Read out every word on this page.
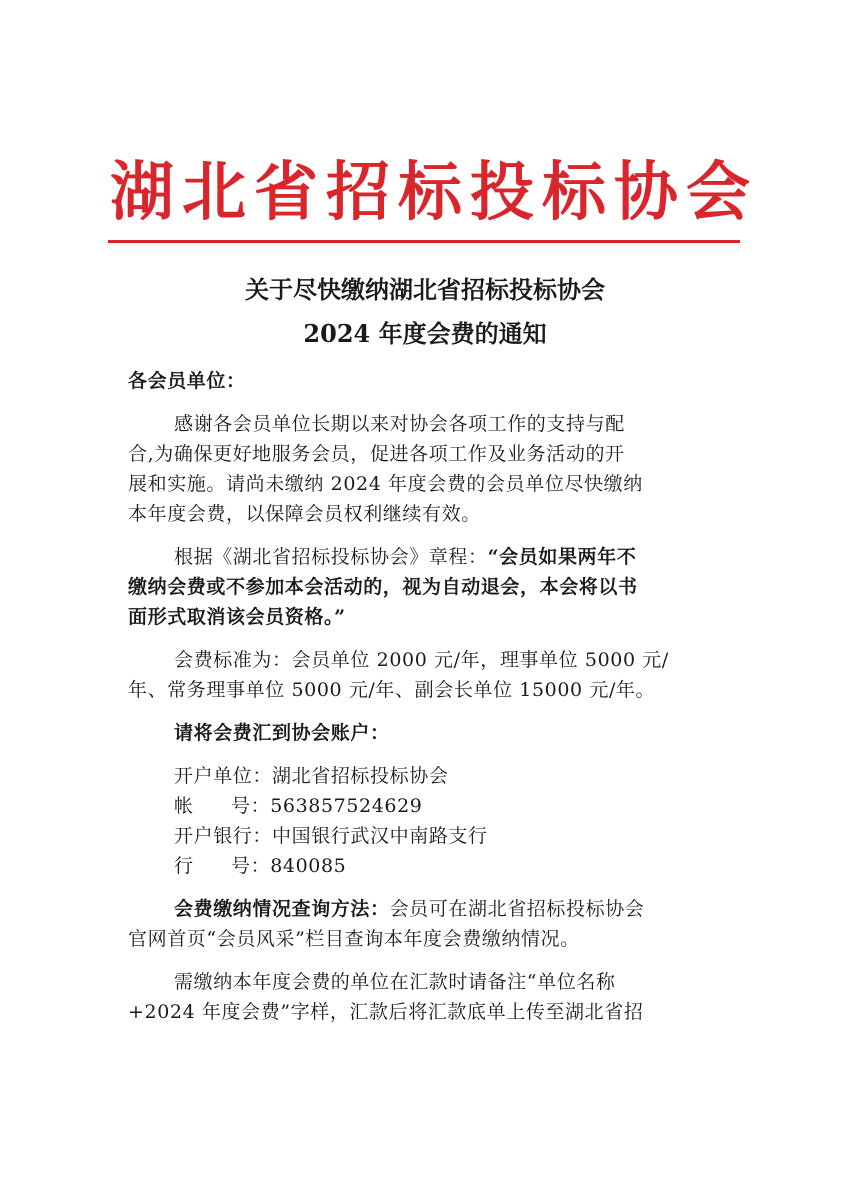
湖北省招标投标协会
关于尽快缴纳湖北省招标投标协会
2024 年度会费的通知
各会员单位：
感谢各会员单位长期以来对协会各项工作的支持与配
合,为确保更好地服务会员，促进各项工作及业务活动的开
展和实施。请尚未缴纳 2024 年度会费的会员单位尽快缴纳
本年度会费，以保障会员权利继续有效。
根据《湖北省招标投标协会》章程：“会员如果两年不
缴纳会费或不参加本会活动的，视为自动退会，本会将以书
面形式取消该会员资格。”
会费标准为：会员单位 2000 元/年，理事单位 5000 元/
年、常务理事单位 5000 元/年、副会长单位 15000 元/年。
请将会费汇到协会账户：
开户单位：湖北省招标投标协会
帐号：563857524629
开户银行：中国银行武汉中南路支行
行号：840085
会费缴纳情况查询方法：会员可在湖北省招标投标协会
官网首页“会员风采”栏目查询本年度会费缴纳情况。
需缴纳本年度会费的单位在汇款时请备注“单位名称
+2024 年度会费”字样，汇款后将汇款底单上传至湖北省招
